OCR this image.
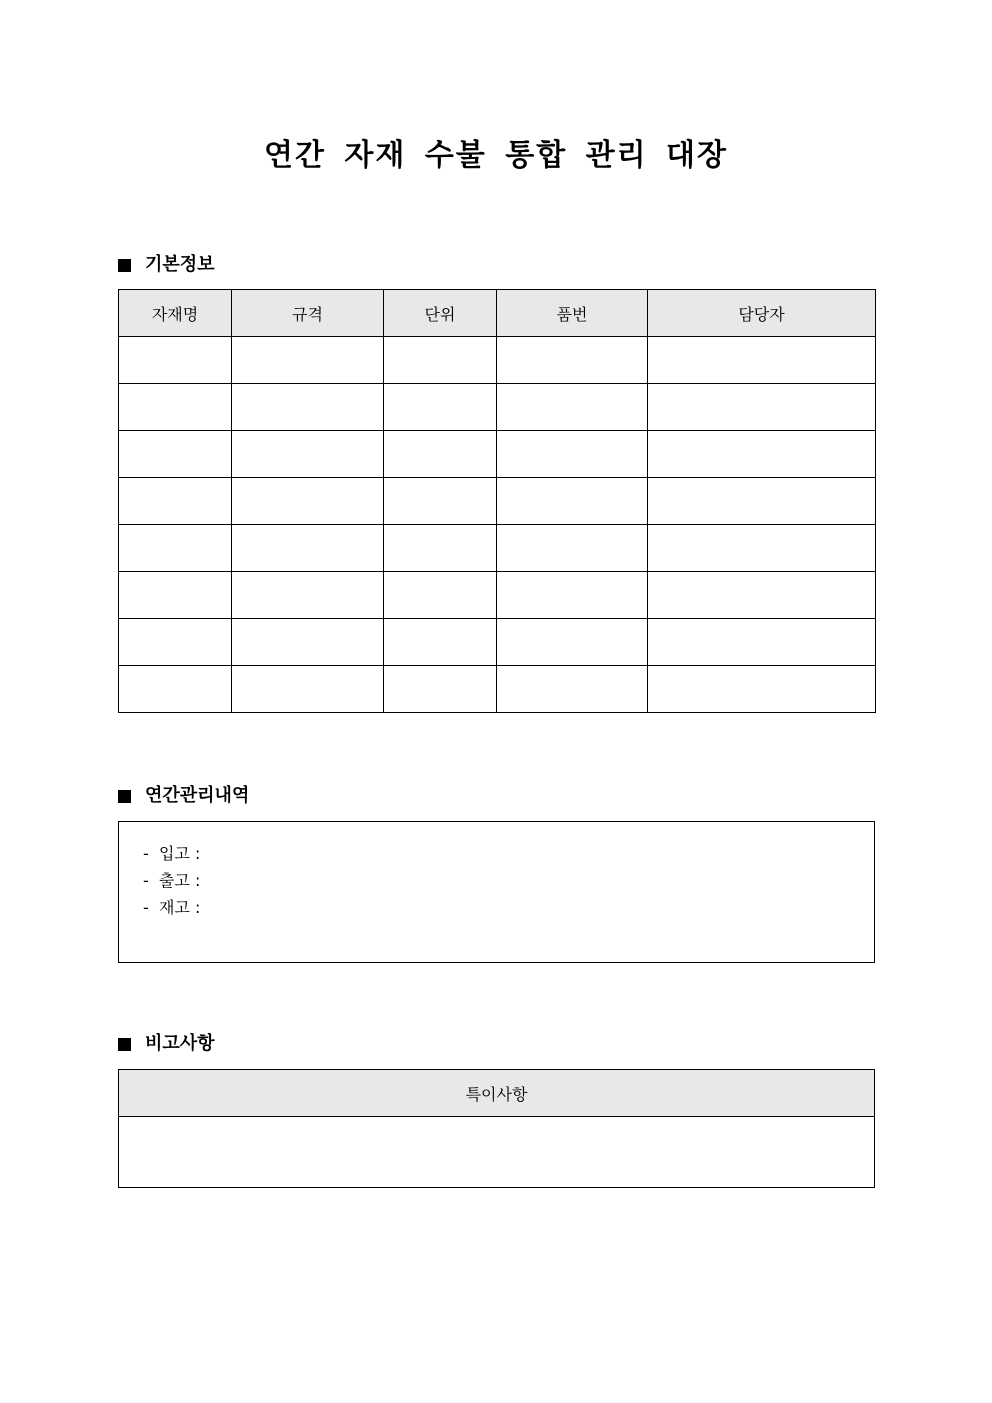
연간 자재 수불 통합 관리 대장
기본정보
자재명	규격	단위	품번	담당자

연간관리내역
- 입고 :
- 출고 :
- 재고 :
비고사항
특이사항
